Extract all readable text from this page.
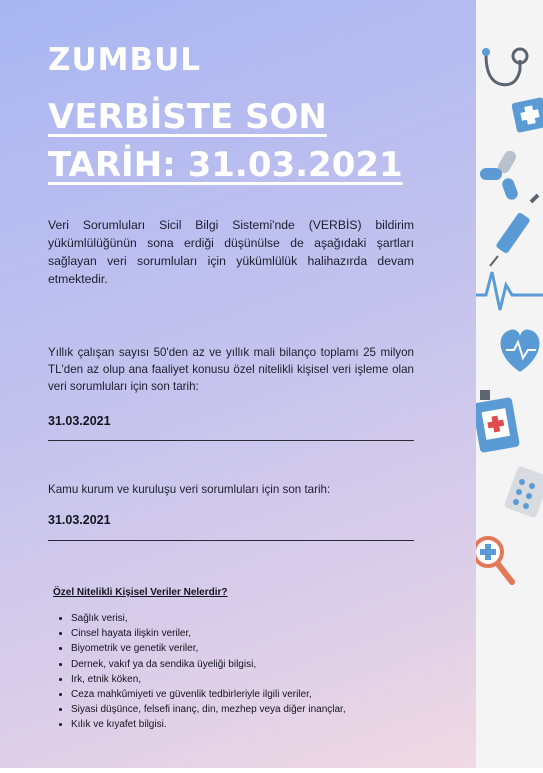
ZUMBUL
VERBİSTE SON
TARİH: 31.03.2021

Veri Sorumluları Sicil Bilgi Sistemi'nde (VERBİS) bildirim yükümlülüğünün sona erdiği düşünülse de aşağıdaki şartları sağlayan veri sorumluları için yükümlülük halihazırda devam etmektedir.

Yıllık çalışan sayısı 50'den az ve yıllık mali bilanço toplamı 25 milyon TL'den az olup ana faaliyet konusu özel nitelikli kişisel veri işleme olan veri sorumluları için son tarih:

31.03.2021

Kamu kurum ve kuruluşu veri sorumluları için son tarih:

31.03.2021
Özel Nitelikli Kişisel Veriler Nelerdir?
• Sağlık verisi,
• Cinsel hayata ilişkin veriler,
• Biyometrik ve genetik veriler,
• Dernek, vakıf ya da sendika üyeliği bilgisi,
• Irk, etnik köken,
• Ceza mahkûmiyeti ve güvenlik tedbirleriyle ilgili veriler,
• Siyasi düşünce, felsefi inanç, din, mezhep veya diğer inançlar,
• Kılık ve kıyafet bilgisi.
